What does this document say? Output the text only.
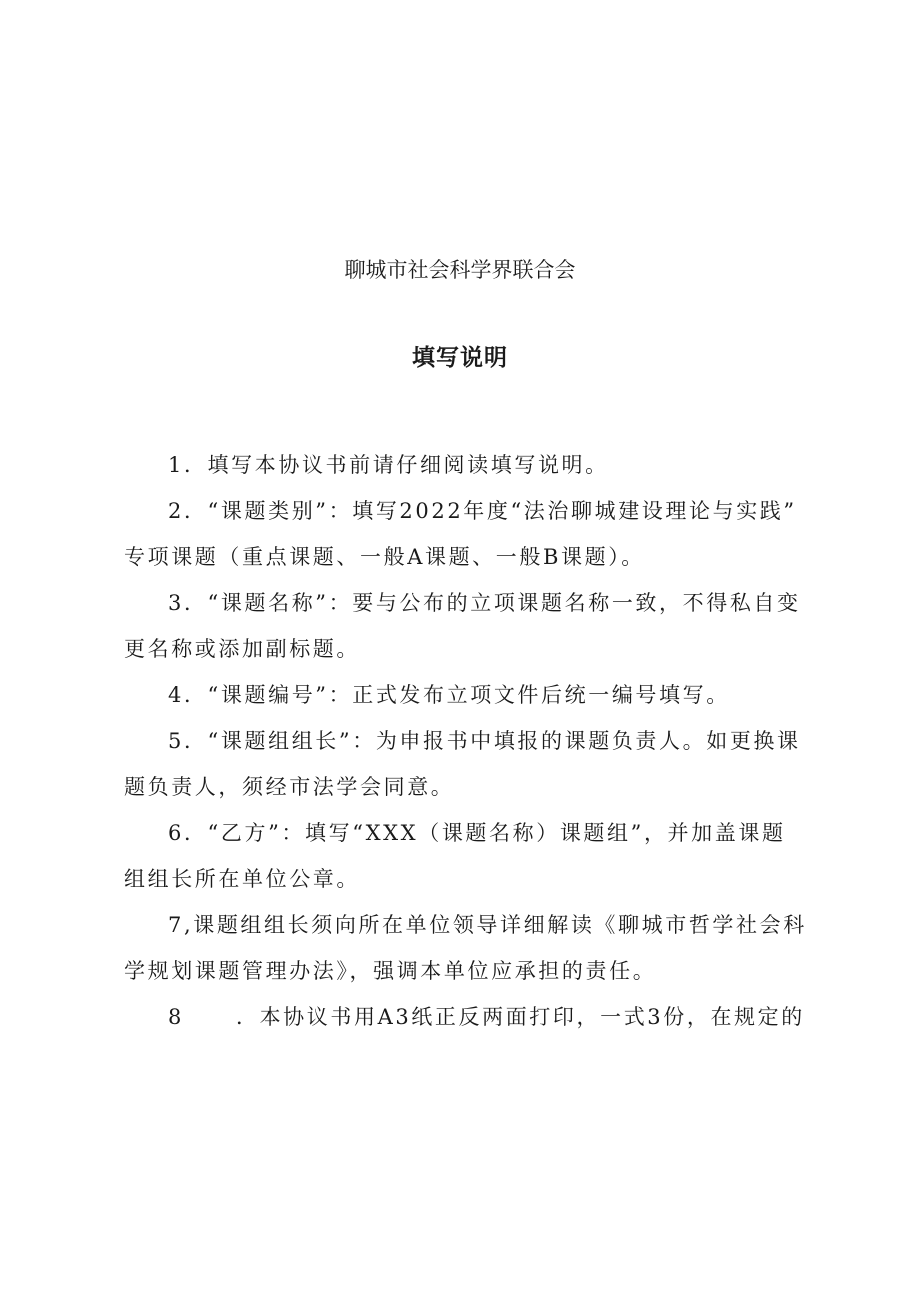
聊城市社会科学界联合会
填写说明

1．填写本协议书前请仔细阅读填写说明。

2．“课题类别”：填写2022年度“法治聊城建设理论与实践”
专项课题（重点课题、一般A课题、一般B课题）。

3．“课题名称”：要与公布的立项课题名称一致，不得私自变
更名称或添加副标题。

4．“课题编号”：正式发布立项文件后统一编号填写。

5．“课题组组长”：为申报书中填报的课题负责人。如更换课
题负责人，须经市法学会同意。

6．“乙方”：填写“XXX（课题名称）课题组”，并加盖课题
组组长所在单位公章。

7,课题组组长须向所在单位领导详细解读《聊城市哲学社会科
学规划课题管理办法》，强调本单位应承担的责任。

8 ．本协议书用A3纸正反两面打印，一式3份，在规定的
